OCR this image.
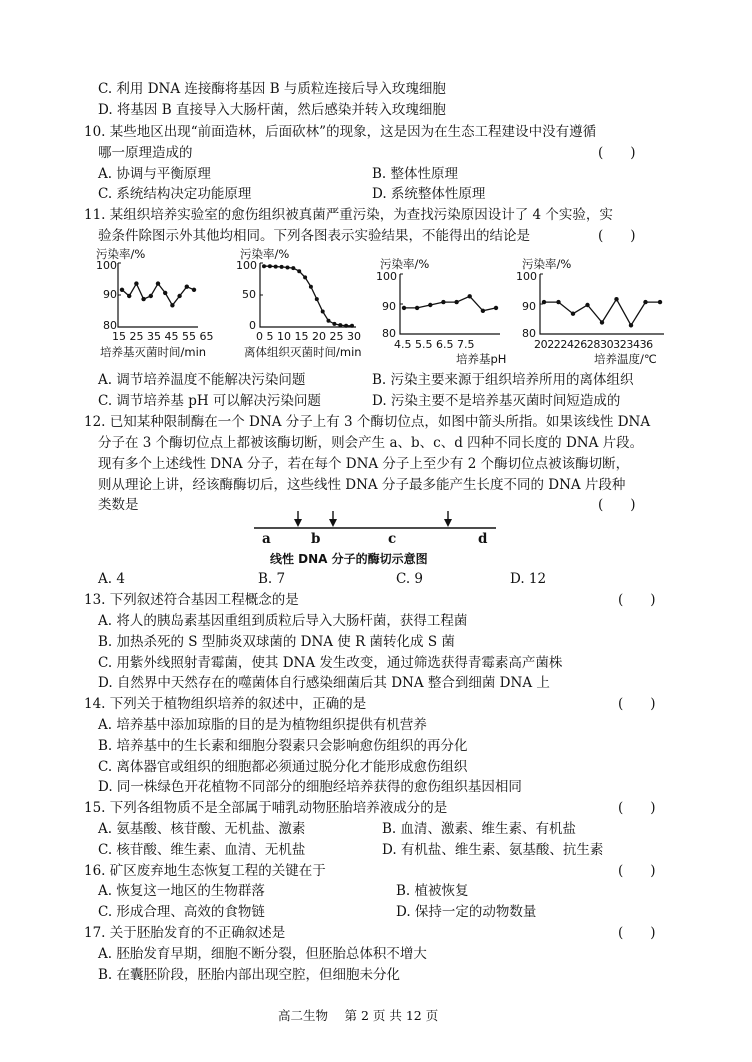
C. 利用 DNA 连接酶将基因 B 与质粒连接后导入玫瑰细胞
D. 将基因 B 直接导入大肠杆菌，然后感染并转入玫瑰细胞
10. 某些地区出现“前面造林，后面砍林”的现象，这是因为在生态工程建设中没有遵循
哪一原理造成的	(　　)
A. 协调与平衡原理	B. 整体性原理
C. 系统结构决定功能原理	D. 系统整体性原理
11. 某组织培养实验室的愈伤组织被真菌严重污染，为查找污染原因设计了 4 个实验，实
验条件除图示外其他均相同。下列各图表示实验结果，不能得出的结论是	(　　)
污染率/%
100
90
80
15 25 35 45 55 65
培养基灭菌时间/min
污染率/%
100
50
0
0 5 10 15 20 25 30
离体组织灭菌时间/min
污染率/%
100
90
80
4.5 5.5 6.5 7.5
培养基pH
污染率/%
100
90
80
202224262830323436
培养温度/℃
A. 调节培养温度不能解决污染问题	B. 污染主要来源于组织培养所用的离体组织
C. 调节培养基 pH 可以解决污染问题	D. 污染主要不是培养基灭菌时间短造成的
12. 已知某种限制酶在一个 DNA 分子上有 3 个酶切位点，如图中箭头所指。如果该线性 DNA
分子在 3 个酶切位点上都被该酶切断，则会产生 a、b、c、d 四种不同长度的 DNA 片段。
现有多个上述线性 DNA 分子，若在每个 DNA 分子上至少有 2 个酶切位点被该酶切断，
则从理论上讲，经该酶酶切后，这些线性 DNA 分子最多能产生长度不同的 DNA 片段种
类数是	(　　)
a	b	c	d
线性 DNA 分子的酶切示意图
A. 4	B. 7	C. 9	D. 12
13. 下列叙述符合基因工程概念的是	(　　)
A. 将人的胰岛素基因重组到质粒后导入大肠杆菌，获得工程菌
B. 加热杀死的 S 型肺炎双球菌的 DNA 使 R 菌转化成 S 菌
C. 用紫外线照射青霉菌，使其 DNA 发生改变，通过筛选获得青霉素高产菌株
D. 自然界中天然存在的噬菌体自行感染细菌后其 DNA 整合到细菌 DNA 上
14. 下列关于植物组织培养的叙述中，正确的是	(　　)
A. 培养基中添加琼脂的目的是为植物组织提供有机营养
B. 培养基中的生长素和细胞分裂素只会影响愈伤组织的再分化
C. 离体器官或组织的细胞都必须通过脱分化才能形成愈伤组织
D. 同一株绿色开花植物不同部分的细胞经培养获得的愈伤组织基因相同
15. 下列各组物质不是全部属于哺乳动物胚胎培养液成分的是	(　　)
A. 氨基酸、核苷酸、无机盐、激素	B. 血清、激素、维生素、有机盐
C. 核苷酸、维生素、血清、无机盐	D. 有机盐、维生素、氨基酸、抗生素
16. 矿区废弃地生态恢复工程的关键在于	(　　)
A. 恢复这一地区的生物群落	B. 植被恢复
C. 形成合理、高效的食物链	D. 保持一定的动物数量
17. 关于胚胎发育的不正确叙述是	(　　)
A. 胚胎发育早期，细胞不断分裂，但胚胎总体积不增大
B. 在囊胚阶段，胚胎内部出现空腔，但细胞未分化
高二生物　 第 2 页 共 12 页
